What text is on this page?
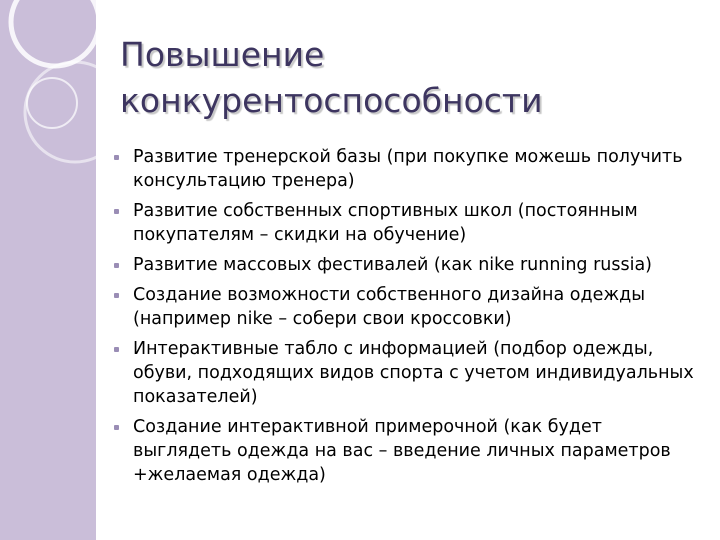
Повышение
конкурентоспособности
Развитие тренерской базы (при покупке можешь получить консультацию тренера)
Развитие собственных спортивных школ (постоянным покупателям – скидки на обучение)
Развитие массовых фестивалей (как nike running russia)
Создание возможности собственного дизайна одежды (например nike – собери свои кроссовки)
Интерактивные табло с информацией (подбор одежды, обуви, подходящих видов спорта с учетом индивидуальных показателей)
Создание интерактивной примерочной (как будет выглядеть одежда на вас – введение личных параметров +желаемая одежда)
